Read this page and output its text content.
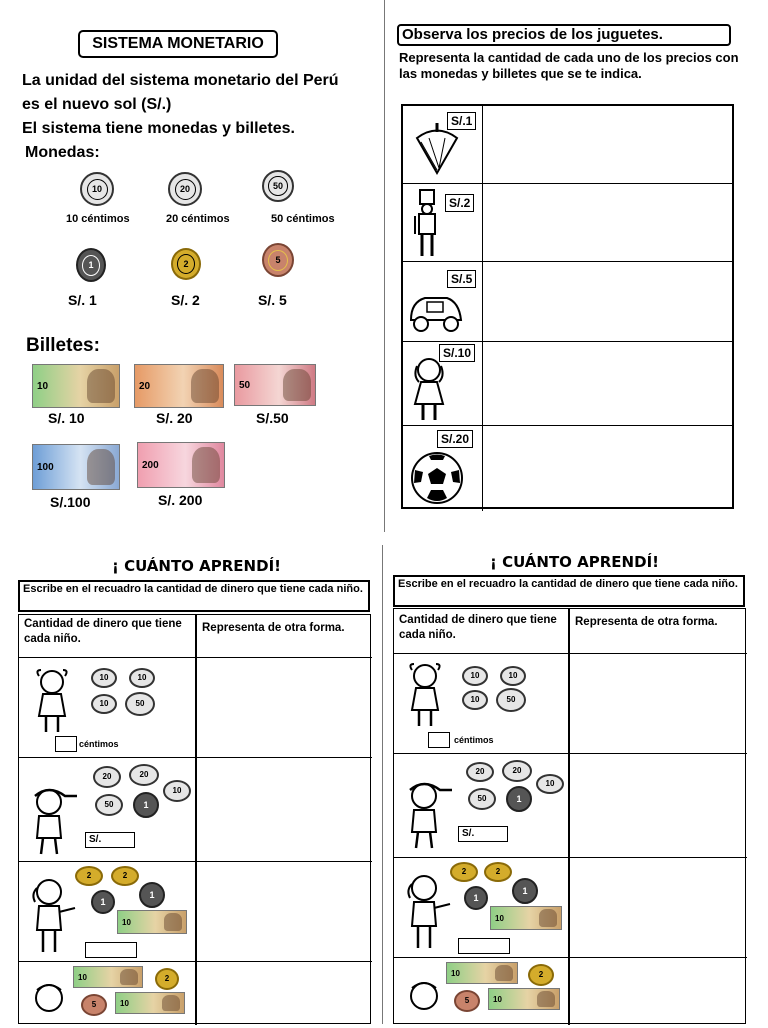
SISTEMA MONETARIO
La unidad del sistema monetario del Perú
es el nuevo sol (S/.)
El sistema tiene monedas y billetes.
Monedas:
10	20	50
10 céntimos	20 céntimos	50 céntimos
1	2	5
S/. 1	S/. 2	S/. 5
Billetes:
10	20	50
S/. 10	S/. 20	S/.50
100	200
S/.100	S/. 200
Observa los precios de los juguetes.
Representa la cantidad de cada uno de los precios con las monedas y billetes que se te indica.
S/.1
S/.2
S/.5
S/.10
S/.20
¡ CUÁNTO APRENDÍ!
Escribe en el recuadro la cantidad de dinero que tiene cada niño.
Cantidad de dinero que tiene cada niño.
Representa de otra forma.
10	10
10	50
céntimos
20	20
10
50	1
S/.
2	2
1
1
10
10	2
5	10
¡ CUÁNTO APRENDÍ!
Escribe en el recuadro la cantidad de dinero que tiene cada niño.
Cantidad de dinero que tiene cada niño.
Representa de otra forma.
10	10
10	50
céntimos
20	20
10
50	1
S/.
2	2
1
1
10
10	2
5	10
